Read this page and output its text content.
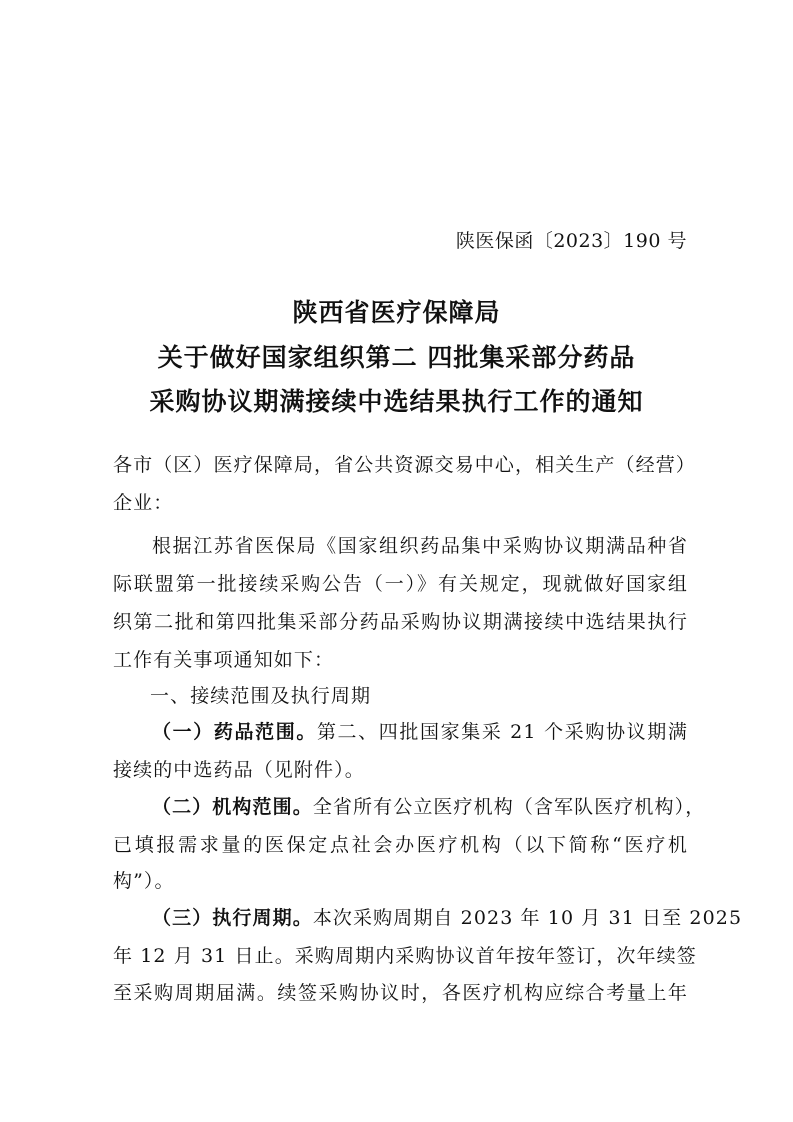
陕医保函〔2023〕190 号
陕西省医疗保障局
关于做好国家组织第二 四批集采部分药品
采购协议期满接续中选结果执行工作的通知
各市（区）医疗保障局，省公共资源交易中心，相关生产（经营）
企业：
根据江苏省医保局《国家组织药品集中采购协议期满品种省
际联盟第一批接续采购公告（一）》有关规定，现就做好国家组
织第二批和第四批集采部分药品采购协议期满接续中选结果执行
工作有关事项通知如下：
一、接续范围及执行周期
（一）药品范围。第二、四批国家集采 21 个采购协议期满
接续的中选药品（见附件）。
（二）机构范围。全省所有公立医疗机构（含军队医疗机构），
已填报需求量的医保定点社会办医疗机构（以下简称“医疗机
构”）。
（三）执行周期。本次采购周期自 2023 年 10 月 31 日至 2025
年 12 月 31 日止。采购周期内采购协议首年按年签订，次年续签
至采购周期届满。续签采购协议时，各医疗机构应综合考量上年
